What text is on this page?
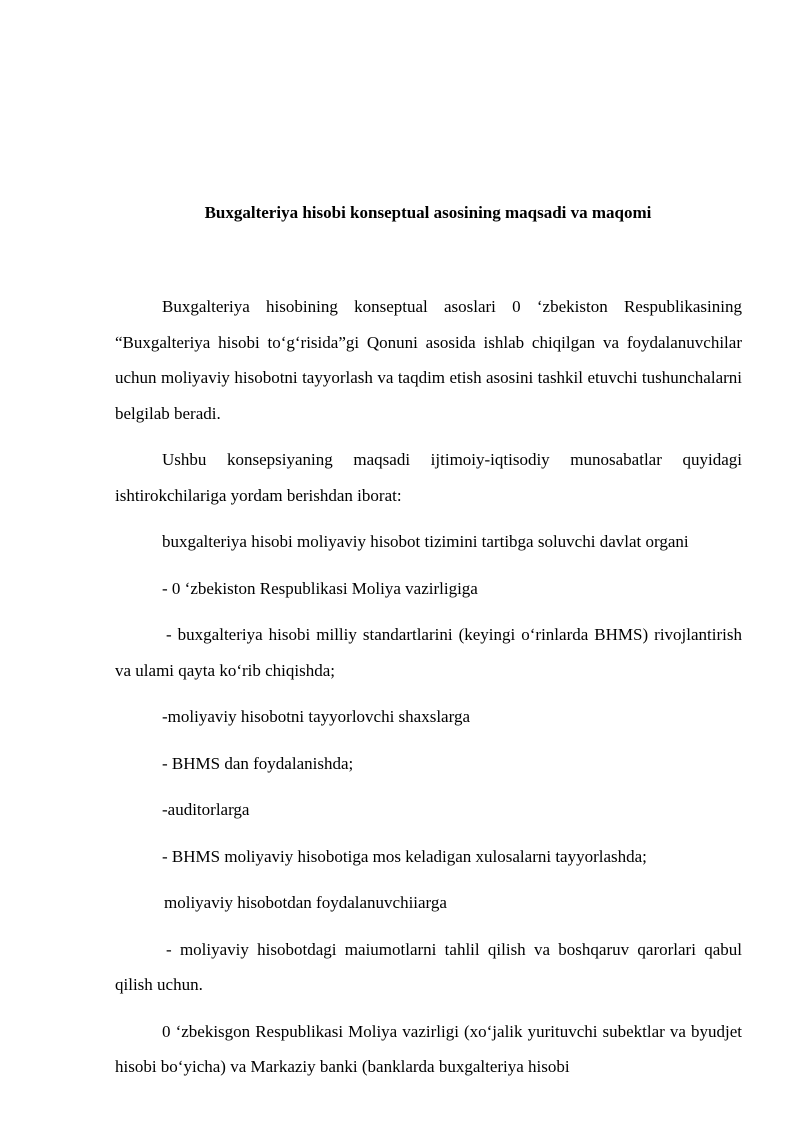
Buxgalteriya hisobi konseptual asosining maqsadi va maqomi

Buxgalteriya hisobining konseptual asoslari 0 ‘zbekiston Respublikasining “Buxgalteriya hisobi to‘g‘risida”gi Qonuni asosida ishlab chiqilgan va foydalanuvchilar uchun moliyaviy hisobotni tayyorlash va taqdim etish asosini tashkil etuvchi tushunchalarni belgilab beradi.

Ushbu konsepsiyaning maqsadi ijtimoiy-iqtisodiy munosabatlar quyidagi ishtirokchilariga yordam berishdan iborat:

buxgalteriya hisobi moliyaviy hisobot tizimini tartibga soluvchi davlat organi

- 0 ‘zbekiston Respublikasi Moliya vazirligiga

- buxgalteriya hisobi milliy standartlarini (keyingi o‘rinlarda BHMS) rivojlantirish va ulami qayta ko‘rib chiqishda;

-moliyaviy hisobotni tayyorlovchi shaxslarga

- BHMS dan foydalanishda;

-auditorlarga

- BHMS moliyaviy hisobotiga mos keladigan xulosalarni tayyorlashda;

moliyaviy hisobotdan foydalanuvchiiarga

- moliyaviy hisobotdagi maiumotlarni tahlil qilish va boshqaruv qarorlari qabul qilish uchun.

0 ‘zbekisgon Respublikasi Moliya vazirligi (xo‘jalik yurituvchi subektlar va byudjet hisobi bo‘yicha) va Markaziy banki (banklarda buxgalteriya hisobi
